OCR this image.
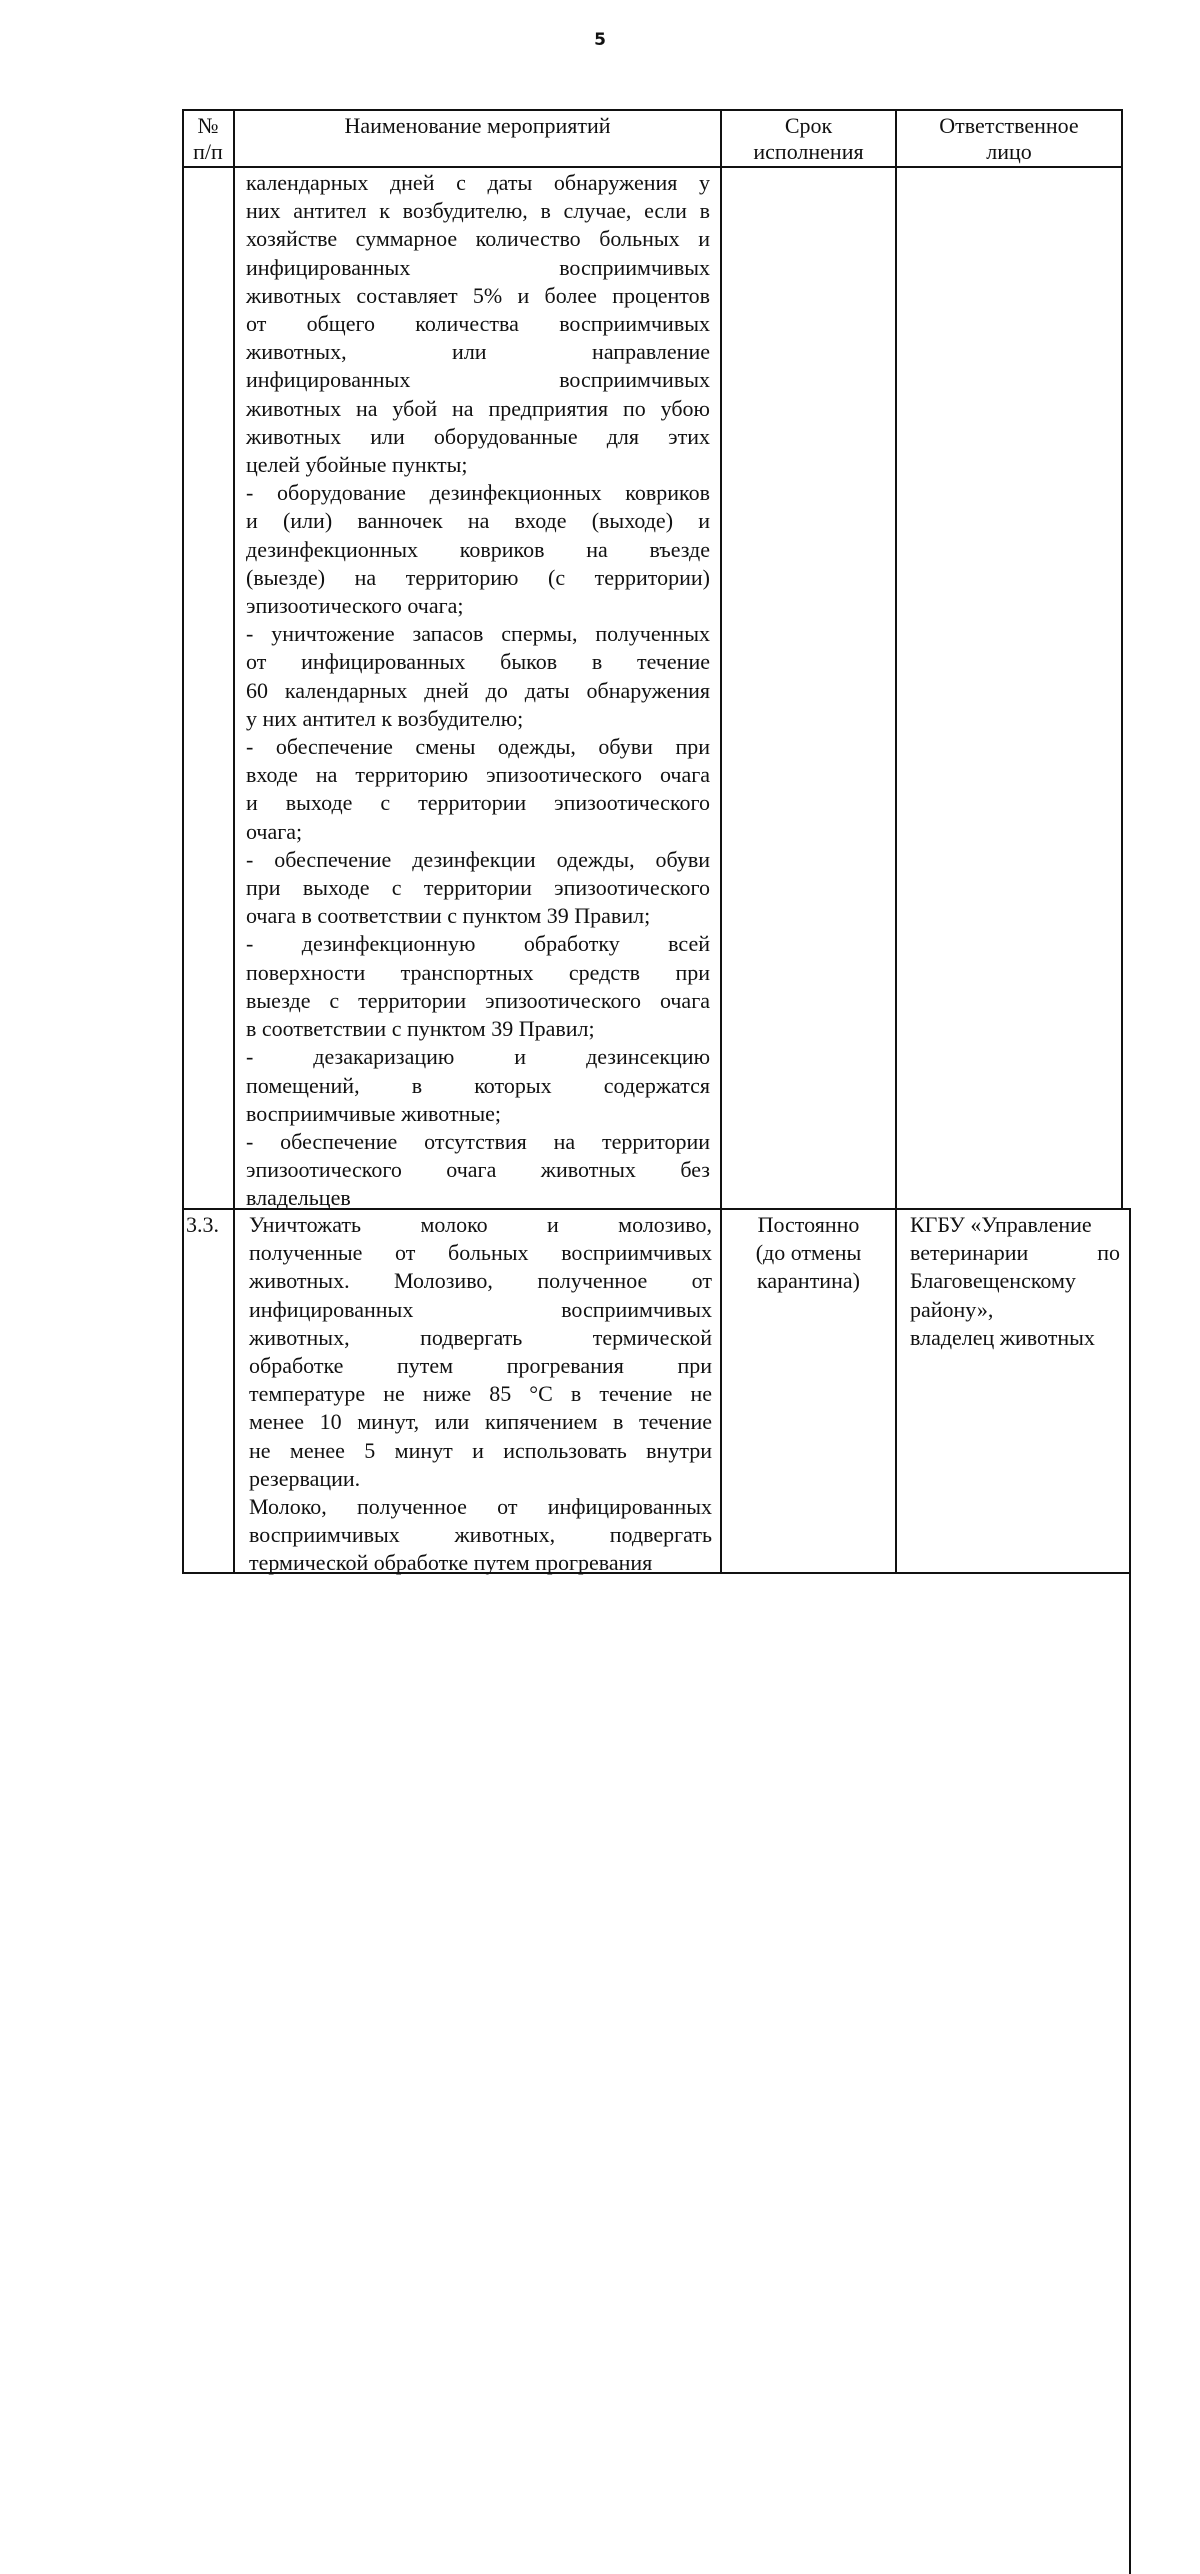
5
№
п/п
Наименование мероприятий	Срок
исполнения
Ответственное
лицо
календарных дней с даты обнаружения у
них антител к возбудителю, в случае, если в
хозяйстве суммарное количество больных и
инфицированных восприимчивых
животных составляет 5% и более процентов
от общего количества восприимчивых
животных, или направление
инфицированных восприимчивых
животных на убой на предприятия по убою
животных или оборудованные для этих
целей убойные пункты;
- оборудование дезинфекционных ковриков
и (или) ванночек на входе (выходе) и
дезинфекционных ковриков на въезде
(выезде) на территорию (с территории)
эпизоотического очага;
- уничтожение запасов спермы, полученных
от инфицированных быков в течение
60 календарных дней до даты обнаружения
у них антител к возбудителю;
- обеспечение смены одежды, обуви при
входе на территорию эпизоотического очага
и выходе с территории эпизоотического
очага;
- обеспечение дезинфекции одежды, обуви
при выходе с территории эпизоотического
очага в соответствии с пунктом 39 Правил;
- дезинфекционную обработку всей
поверхности транспортных средств при
выезде с территории эпизоотического очага
в соответствии с пунктом 39 Правил;
- дезакаризацию и дезинсекцию
помещений, в которых содержатся
восприимчивые животные;
- обеспечение отсутствия на территории
эпизоотического очага животных без
владельцев
3.3.	Уничтожать молоко и молозиво,
полученные от больных восприимчивых
животных. Молозиво, полученное от
инфицированных восприимчивых
животных, подвергать термической
обработке путем прогревания при
температуре не ниже 85 °С в течение не
менее 10 минут, или кипячением в течение
не менее 5 минут и использовать внутри
резервации.
Молоко, полученное от инфицированных
восприимчивых животных, подвергать
термической обработке путем прогревания
Постоянно
(до отмены
карантина)
КГБУ «Управление
ветеринарии по
Благовещенскому
району»,
владелец животных
